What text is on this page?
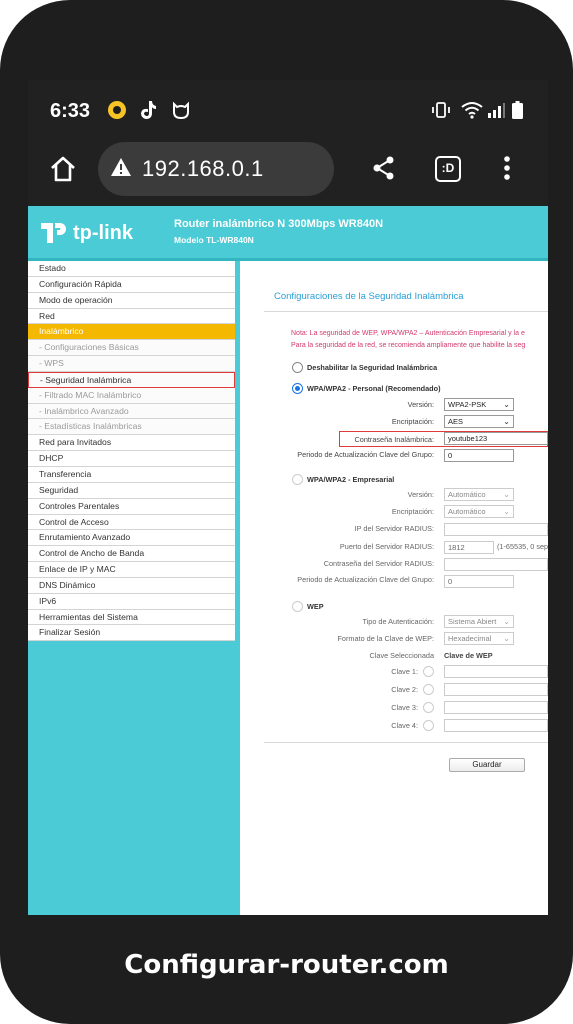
6:33
192.168.0.1	:D
tp-link	Router inalámbrico N 300Mbps WR840N
Modelo TL-WR840N
Estado
Configuración Rápida
Modo de operación
Red
Inalámbrico
- Configuraciones Básicas
- WPS
- Seguridad Inalámbrica
- Filtrado MAC Inalámbrico
- Inalámbrico Avanzado
- Estadísticas Inalámbricas
Red para Invitados
DHCP
Transferencia
Seguridad
Controles Parentales
Control de Acceso
Enrutamiento Avanzado
Control de Ancho de Banda
Enlace de IP y MAC
DNS Dinámico
IPv6
Herramientas del Sistema
Finalizar Sesión
Configuraciones de la Seguridad Inalámbrica
Nota: La seguridad de WEP, WPA/WPA2 – Autenticación Empresarial y la e
Para la seguridad de la red, se recomienda ampliamente que habilite la seg
Deshabilitar la Seguridad Inalámbrica
WPA/WPA2 - Personal (Recomendado)
Versión:	WPA2-PSK ⌄
Encriptación:	AES	⌄
Contraseña Inalámbrica:	youtube123
Periodo de Actualización Clave del Grupo:	0
WPA/WPA2 - Empresarial
Versión:	Automático ⌄
Encriptación:	Automático ⌄
IP del Servidor RADIUS:
Puerto del Servidor RADIUS:	1812	(1-65535, 0 sep
Contraseña del Servidor RADIUS:
Periodo de Actualización Clave del Grupo:	0
WEP
Tipo de Autenticación:	Sistema Abiert ⌄
Formato de la Clave de WEP:	Hexadecimal ⌄
Clave Seleccionada Clave de WEP
Clave 1:
Clave 2:
Clave 3:
Clave 4:
Guardar
Configurar-router.com
